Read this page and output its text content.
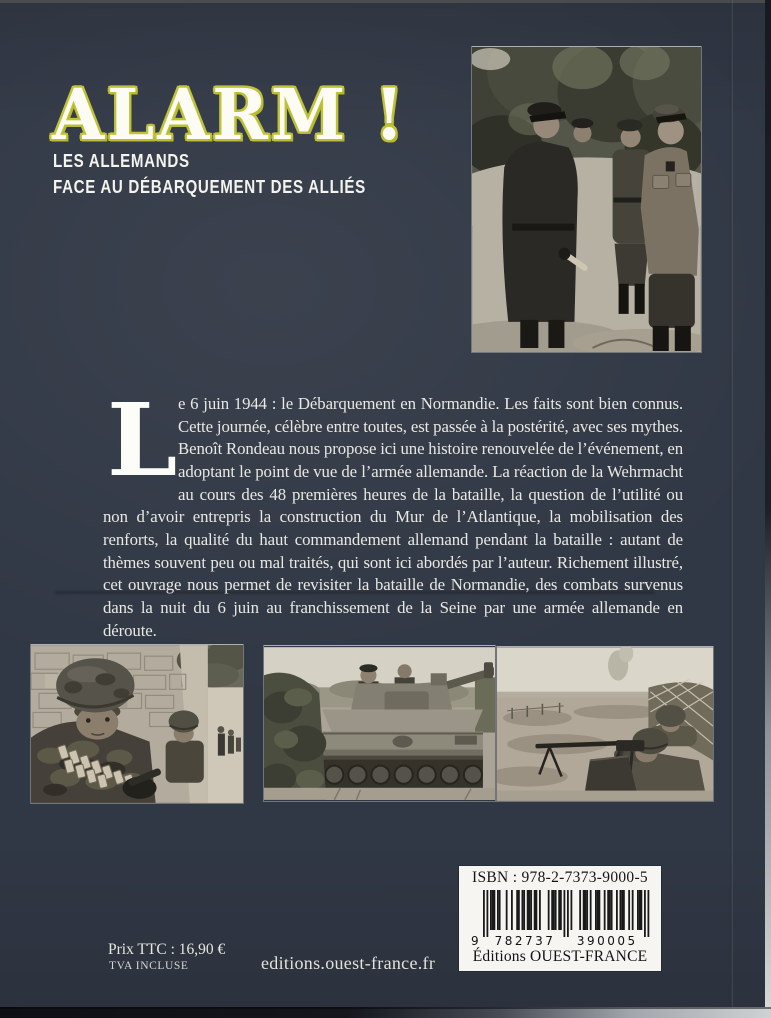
ALARM !
LES ALLEMANDS
FACE AU DÉBARQUEMENT DES ALLIÉS

Le 6 juin 1944 : le Débarquement en Normandie. Les faits sont bien connus. Cette journée, célèbre entre toutes, est passée à la postérité, avec ses mythes. Benoît Rondeau nous propose ici une histoire renouvelée de l’événement, en adoptant le point de vue de l’armée allemande. La réaction de la Wehrmacht au cours des 48 premières heures de la bataille, la question de l’utilité ou non d’avoir entrepris la construction du Mur de l’Atlantique, la mobilisation des renforts, la qualité du haut commandement allemand pendant la bataille : autant de thèmes souvent peu ou mal traités, qui sont ici abordés par l’auteur. Richement illustré, cet ouvrage nous permet de revisiter la bataille de Normandie, des combats survenus dans la nuit du 6 juin au franchissement de la Seine par une armée allemande en déroute.

Prix TTC : 16,90 €
TVA INCLUSE	editions.ouest-france.fr
ISBN : 978-2-7373-9000-5
9 782737 390005
Éditions OUEST-FRANCE
